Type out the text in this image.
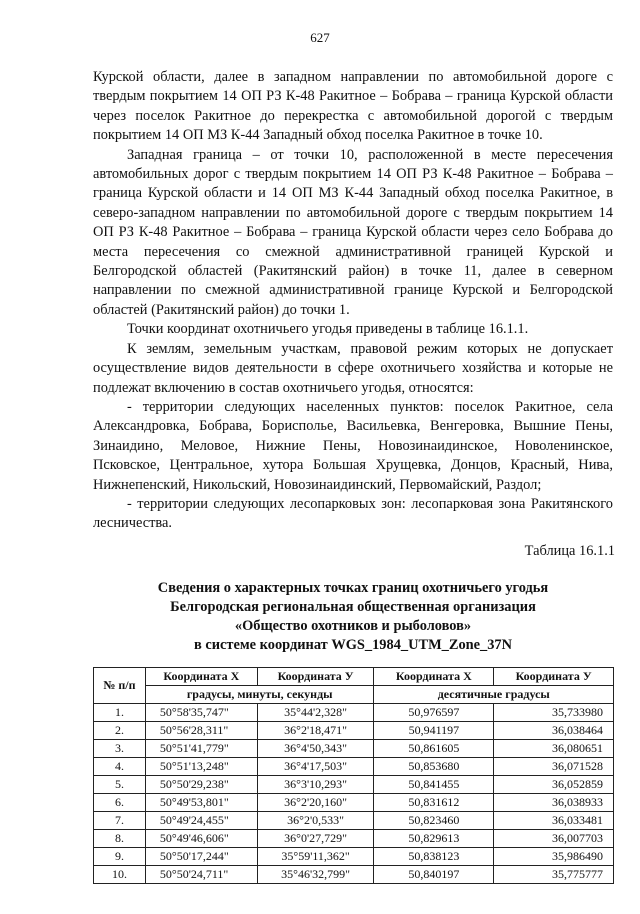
627

Курской области, далее в западном направлении по автомобильной дороге с твердым покрытием 14 ОП РЗ К-48 Ракитное – Бобрава – граница Курской области через поселок Ракитное до перекрестка с автомобильной дорогой с твердым покрытием 14 ОП МЗ К-44 Западный обход поселка Ракитное в точке 10.

Западная граница – от точки 10, расположенной в месте пересечения автомобильных дорог с твердым покрытием 14 ОП РЗ К-48 Ракитное – Бобрава – граница Курской области и 14 ОП МЗ К-44 Западный обход поселка Ракитное, в северо-западном направлении по автомобильной дороге с твердым покрытием 14 ОП РЗ К-48 Ракитное – Бобрава – граница Курской области через село Бобрава до места пересечения со смежной административной границей Курской и Белгородской областей (Ракитянский район) в точке 11, далее в северном направлении по смежной административной границе Курской и Белгородской областей (Ракитянский район) до точки 1.

Точки координат охотничьего угодья приведены в таблице 16.1.1.

К землям, земельным участкам, правовой режим которых не допускает осуществление видов деятельности в сфере охотничьего хозяйства и которые не подлежат включению в состав охотничьего угодья, относятся:

- территории следующих населенных пунктов: поселок Ракитное, села Александровка, Бобрава, Борисполье, Васильевка, Венгеровка, Вышние Пены, Зинаидино, Меловое, Нижние Пены, Новозинаидинское, Новоленинское, Псковское, Центральное, хутора Большая Хрущевка, Донцов, Красный, Нива, Нижнепенский, Никольский, Новозинаидинский, Первомайский, Раздол;

- территории следующих лесопарковых зон: лесопарковая зона Ракитянского лесничества.

Таблица 16.1.1
Сведения о характерных точках границ охотничьего угодья
Белгородская региональная общественная организация
«Общество охотников и рыболовов»
в системе координат WGS_1984_UTM_Zone_37N
№ п/п	Координата X	Координата У	Координата X	Координата У
	градусы, минуты, секунды		десятичные градусы	
1.	50°58'35,747"	35°44'2,328"	50,976597	35,733980
2.	50°56'28,311"	36°2'18,471"	50,941197	36,038464
3.	50°51'41,779"	36°4'50,343"	50,861605	36,080651
4.	50°51'13,248"	36°4'17,503"	50,853680	36,071528
5.	50°50'29,238"	36°3'10,293"	50,841455	36,052859
6.	50°49'53,801"	36°2'20,160"	50,831612	36,038933
7.	50°49'24,455"	36°2'0,533"	50,823460	36,033481
8.	50°49'46,606"	36°0'27,729"	50,829613	36,007703
9.	50°50'17,244"	35°59'11,362"	50,838123	35,986490
10.	50°50'24,711"	35°46'32,799"	50,840197	35,775777
